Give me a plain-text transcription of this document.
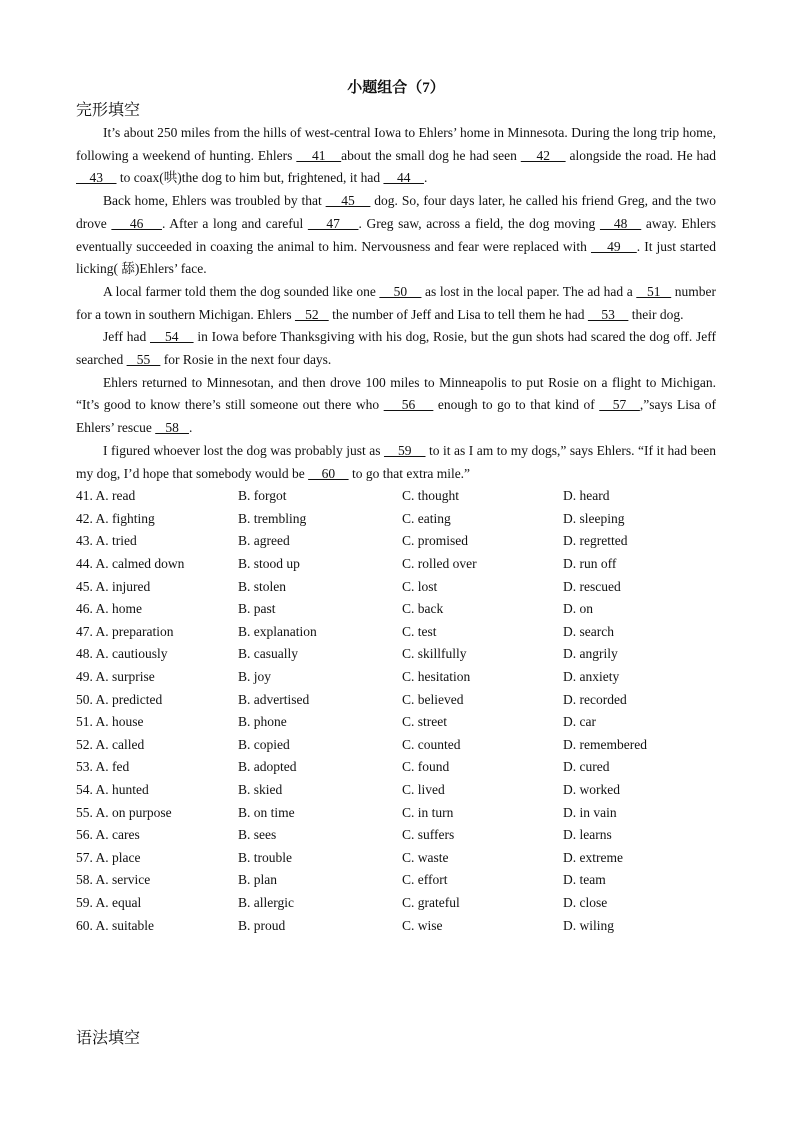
小题组合（7）
完形填空

It’s about 250 miles from the hills of west-central Iowa to Ehlers’ home in Minnesota. During the long trip home, following a weekend of hunting. Ehlers     41    about the small dog he had seen     42     alongside the road. He had     43     to coax(哄)the dog to him but, frightened, it had     44    .

Back home, Ehlers was troubled by that     45     dog. So, four days later, he called his friend Greg, and the two drove     46    . After a long and careful     47    . Greg saw, across a field, the dog moving    48    away. Ehlers eventually succeeded in coaxing the animal to him. Nervousness and fear were replaced with     49    . It just started licking( 舔)Ehlers’ face.

A local farmer told them the dog sounded like one     50     as lost in the local paper. The ad had a    51    number for a town in southern Michigan. Ehlers    52    the number of Jeff and Lisa to tell them he had     53     their dog.

Jeff had     54     in Iowa before Thanksgiving with his dog, Rosie, but the gun shots had scared the dog off. Jeff searched    55    for Rosie in the next four days.

Ehlers returned to Minnesotan, and then drove 100 miles to Minneapolis to put Rosie on a flight to Michigan. “It’s good to know there’s still someone out there who     56     enough to go to that kind of    57   ,”says Lisa of Ehlers’ rescue    58   .

I figured whoever lost the dog was probably just as     59     to it as I am to my dogs,” says Ehlers. “If it had been my dog, I’d hope that somebody would be     60     to go that extra mile.”

41. A. read	B. forgot	C. thought	D. heard
42. A. fighting	B. trembling	C. eating	D. sleeping
43. A. tried	B. agreed	C. promised	D. regretted
44. A. calmed down	B. stood up	C. rolled over	D. run off
45. A. injured	B. stolen	C. lost	D. rescued
46. A. home	B. past	C. back	D. on
47. A. preparation	B. explanation	C. test	D. search
48. A. cautiously	B. casually	C. skillfully	D. angrily
49. A. surprise	B. joy	C. hesitation	D. anxiety
50. A. predicted	B. advertised	C. believed	D. recorded
51. A. house	B. phone	C. street	D. car
52. A. called	B. copied	C. counted	D. remembered
53. A. fed	B. adopted	C. found	D. cured
54. A. hunted	B. skied	C. lived	D. worked
55. A. on purpose	B. on time	C. in turn	D. in vain
56. A. cares	B. sees	C. suffers	D. learns
57. A. place	B. trouble	C. waste	D. extreme
58. A. service	B. plan	C. effort	D. team
59. A. equal	B. allergic	C. grateful	D. close
60. A. suitable	B. proud	C. wise	D. wiling
语法填空
